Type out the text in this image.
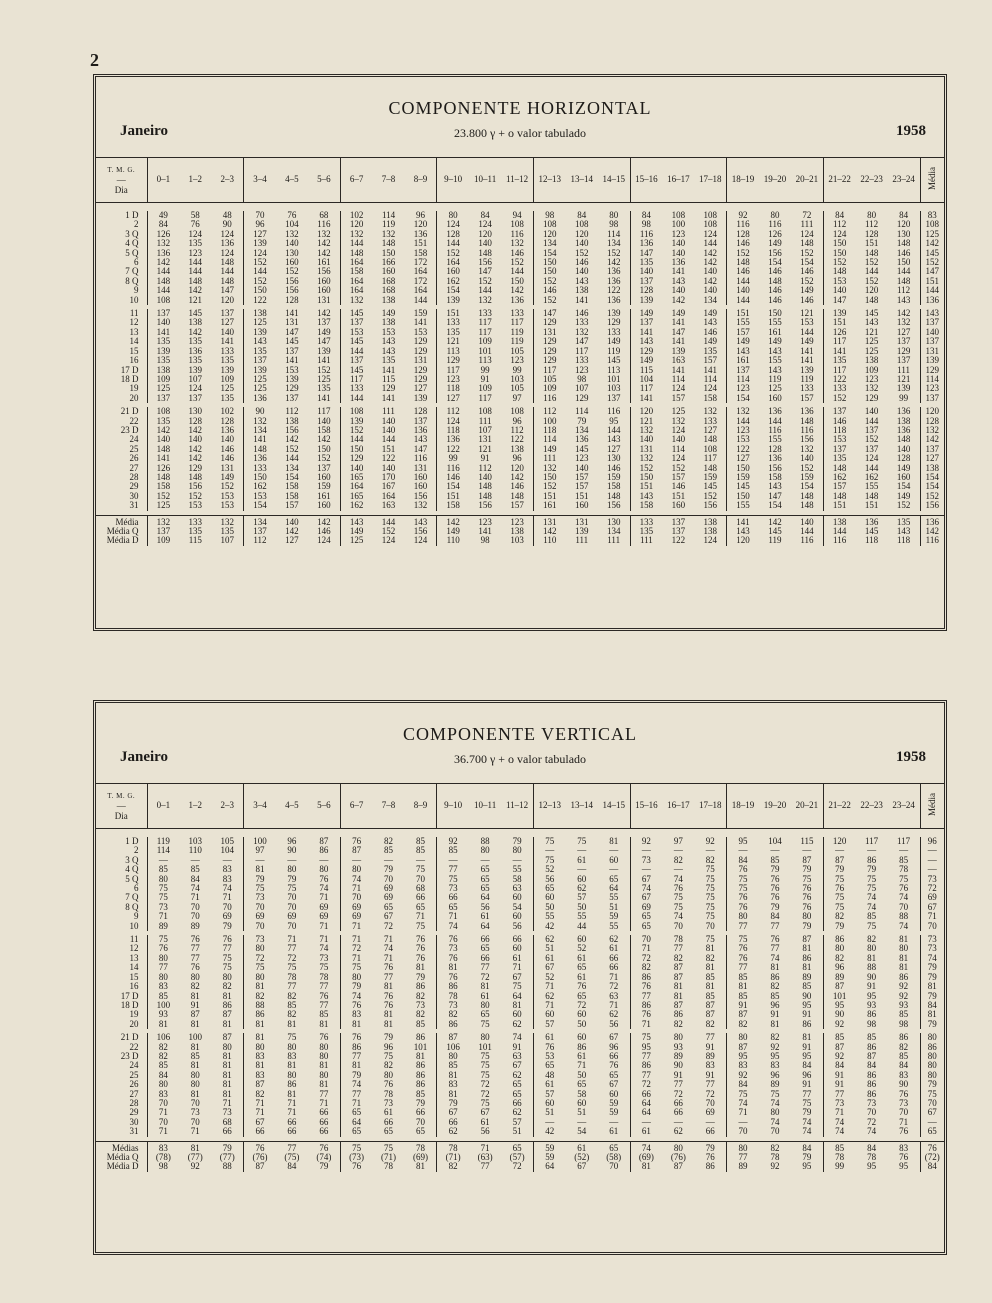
2
COMPONENTE HORIZONTAL
Janeiro	23.800 γ + o valor tabulado	1958
T. M. G.
—
Dia	0–1	1–2	2–3	3–4	4–5	5–6	6–7	7–8	8–9	9–10	10–11	11–12	12–13	13–14	14–15	15–16	16–17	17–18	18–19	19–20	20–21	21–22	22–23	23–24	Média

1 D	49	58	48	70	76	68	102	114	96	80	84	94	98	84	80	84	108	108	92	80	72	84	80	84	83
2	84	76	90	96	104	116	120	119	120	124	124	108	108	108	98	98	100	108	116	116	111	112	112	120	108
3 Q	126	124	124	127	132	132	132	132	136	128	120	116	120	120	114	116	123	124	128	126	124	124	128	130	125
4 Q	132	135	136	139	140	142	144	148	151	144	140	132	134	140	134	136	140	144	146	149	148	150	151	148	142
5 Q	136	123	124	124	130	142	148	150	158	152	148	146	154	152	152	147	140	142	152	156	152	150	148	146	145
6	142	144	148	152	160	161	164	166	172	164	156	152	150	146	142	135	136	142	148	154	154	152	152	150	152
7 Q	144	144	144	144	152	156	158	160	164	160	147	144	150	140	136	140	141	140	146	146	146	148	144	144	147
8 Q	148	148	148	152	156	160	164	168	172	162	152	150	152	143	136	137	143	142	144	148	152	153	152	148	151
9	144	142	147	150	156	160	164	168	164	154	144	142	146	138	122	128	140	140	140	146	149	140	120	112	144
10	108	121	120	122	128	131	132	138	144	139	132	136	152	141	136	139	142	134	144	146	146	147	148	143	136

11	137	145	137	138	141	142	145	149	159	151	133	133	147	146	139	149	149	149	151	150	121	139	145	142	143
12	140	138	127	125	131	137	137	138	141	133	117	117	129	133	129	137	141	143	155	155	153	151	143	132	137
13	141	142	140	139	147	149	153	153	153	135	117	119	131	132	133	141	147	146	157	161	144	126	121	127	140
14	135	135	141	143	145	147	145	143	129	121	109	119	129	147	149	143	141	149	149	149	149	117	125	137	137
15	139	136	133	135	137	139	144	143	129	113	101	105	129	117	119	129	139	135	143	143	141	141	125	129	131
16	135	135	135	137	141	141	137	135	131	129	113	123	129	133	145	149	163	157	161	155	141	135	138	137	139
17 D	138	139	139	139	153	152	145	141	129	117	99	99	117	123	113	115	141	141	137	143	139	117	109	111	129
18 D	109	107	109	125	139	125	117	115	129	123	91	103	105	98	101	104	114	114	114	119	119	122	123	121	114
19	125	124	125	125	129	135	133	129	127	118	109	105	109	107	103	117	124	124	123	125	133	133	132	139	123
20	137	137	135	136	137	141	144	141	139	127	117	97	116	129	137	141	157	158	154	160	157	152	129	99	137

21 D	108	130	102	90	112	117	108	111	128	112	108	108	112	114	116	120	125	132	132	136	136	137	140	136	120
22	135	128	128	132	138	140	139	140	137	124	111	96	100	79	95	121	132	133	144	144	148	146	144	138	128
23 D	142	142	136	134	156	158	152	140	136	118	107	112	118	134	144	132	124	127	123	116	116	118	137	136	132
24	140	140	140	141	142	142	144	144	143	136	131	122	114	136	143	140	140	148	153	155	156	153	152	148	142
25	148	142	146	148	152	150	150	151	147	122	121	138	149	145	127	131	114	108	122	128	132	137	137	140	137
26	141	142	146	136	144	152	129	122	116	99	91	96	111	123	130	132	124	117	127	136	140	135	124	128	127
27	126	129	131	133	134	137	140	140	131	116	112	120	132	140	146	152	152	148	150	156	152	148	144	149	138
28	148	148	149	150	154	160	165	170	160	146	140	142	150	157	159	150	157	159	159	158	159	162	162	160	154
29	158	156	152	162	158	159	164	167	160	154	148	146	152	157	158	151	146	145	145	143	154	157	155	154	154
30	152	152	153	153	158	161	165	164	156	151	148	148	151	151	148	143	151	152	150	147	148	148	148	149	152
31	125	153	153	154	157	160	162	163	132	158	156	157	161	160	156	158	160	156	155	154	148	151	151	152	156

Média	132	133	132	134	140	142	143	144	143	142	123	123	131	131	130	133	137	138	141	142	140	138	136	135	136
Média Q	137	135	135	137	142	146	149	152	156	149	141	138	142	139	134	135	137	138	143	145	144	144	145	143	142
Média D	109	115	107	112	127	124	125	124	124	110	98	103	110	111	111	111	122	124	120	119	116	116	118	118	116
COMPONENTE VERTICAL
Janeiro	36.700 γ + o valor tabulado	1958
T. M. G.
—
Dia	0–1	1–2	2–3	3–4	4–5	5–6	6–7	7–8	8–9	9–10	10–11	11–12	12–13	13–14	14–15	15–16	16–17	17–18	18–19	19–20	20–21	21–22	22–23	23–24	Média

1 D	119	103	105	100	96	87	76	82	85	92	88	79	75	75	81	92	97	92	95	104	115	120	117	117	96
2	114	110	104	97	90	86	87	85	85	85	80	80	—	—	—	—	—	—	—	—	—	—	—	—	—
3 Q	—	—	—	—	—	—	—	—	—	—	—	—	75	61	60	73	82	82	84	85	87	87	86	85	—
4 Q	85	85	83	81	80	80	80	79	75	77	65	55	52	—	—	—	—	75	76	79	79	79	79	78	—
5 Q	80	84	83	79	79	76	74	70	70	75	65	58	56	60	65	67	74	75	75	76	75	75	75	75	73
6	75	74	74	75	75	74	71	69	68	73	65	63	65	62	64	74	76	75	75	76	76	76	75	76	72
7 Q	75	71	71	73	70	71	70	69	66	66	64	60	60	57	55	67	75	75	76	76	76	75	74	74	69
8 Q	73	70	70	70	70	69	69	65	65	65	56	54	50	50	51	69	75	75	76	79	76	75	74	70	67
9	71	70	69	69	69	69	69	67	71	71	61	60	55	55	59	65	74	75	80	84	80	82	85	88	71
10	89	89	79	70	70	71	71	72	75	74	64	56	42	44	55	65	70	70	77	77	79	79	75	74	70

11	75	76	76	73	71	71	71	71	76	76	66	66	62	60	62	70	78	75	75	76	87	86	82	81	73
12	76	77	77	80	77	74	72	74	76	73	65	60	51	52	61	71	77	81	76	77	81	80	80	80	73
13	80	77	75	72	72	73	71	71	76	76	66	61	61	61	66	72	82	82	76	74	86	82	81	81	74
14	77	76	75	75	75	75	75	76	81	81	77	71	67	65	66	82	87	81	77	81	81	96	88	81	79
15	80	80	80	80	78	78	80	77	79	76	72	67	52	61	71	86	87	85	85	86	89	89	90	86	79
16	83	82	82	81	77	77	79	81	86	86	81	75	71	76	72	76	81	81	81	82	85	87	91	92	81
17 D	85	81	81	82	82	76	74	76	82	78	61	64	62	65	63	77	81	85	85	85	90	101	95	92	79
18 D	100	91	86	88	85	77	76	76	73	73	80	81	71	72	71	86	87	87	91	96	95	95	93	93	84
19	93	87	87	86	82	85	83	81	82	82	65	60	60	60	62	76	86	87	87	91	91	90	86	85	81
20	81	81	81	81	81	81	81	81	85	86	75	62	57	50	56	71	82	82	82	81	86	92	98	98	79

21 D	106	100	87	81	75	76	76	79	86	87	80	74	61	60	67	75	80	77	80	82	81	85	85	86	80
22	82	81	80	80	80	80	86	96	101	106	101	91	76	86	96	95	93	91	87	92	91	87	86	82	86
23 D	82	85	81	83	83	80	77	75	81	80	75	63	53	61	66	77	89	89	95	95	95	92	87	85	80
24	85	81	81	81	81	81	81	82	86	85	75	67	65	71	76	86	90	83	83	83	84	84	84	84	80
25	84	80	81	83	80	80	79	80	86	81	75	62	48	50	65	77	91	91	92	96	96	91	86	83	80
26	80	80	81	87	86	81	74	76	86	83	72	65	61	65	67	72	77	77	84	89	91	91	86	90	79
27	83	81	81	82	81	77	77	78	85	81	72	65	57	58	60	66	72	72	75	75	77	77	86	76	75
28	70	70	71	71	71	71	71	73	79	79	75	66	60	60	59	64	66	70	74	74	75	73	73	73	70
29	71	73	73	71	71	66	65	61	66	67	67	62	51	51	59	64	66	69	71	80	79	71	70	70	67
30	70	70	68	67	66	66	64	66	70	66	61	57	—	—	—	—	—	—	—	74	74	74	72	71	—
31	71	71	66	66	66	66	65	65	65	62	56	51	42	54	61	61	62	66	70	70	74	74	74	76	65

Médias	83	81	79	76	77	76	75	75	78	78	71	65	59	61	65	74	80	79	80	82	84	85	84	83	76
Média Q	(78)	(77)	(77)	(76)	(75)	(74)	(73)	(71)	(69)	(71)	(63)	(57)	59	(52)	(58)	(69)	(76)	76	77	78	79	78	78	76	(72)
Média D	98	92	88	87	84	79	76	78	81	82	77	72	64	67	70	81	87	86	89	92	95	99	95	95	84
